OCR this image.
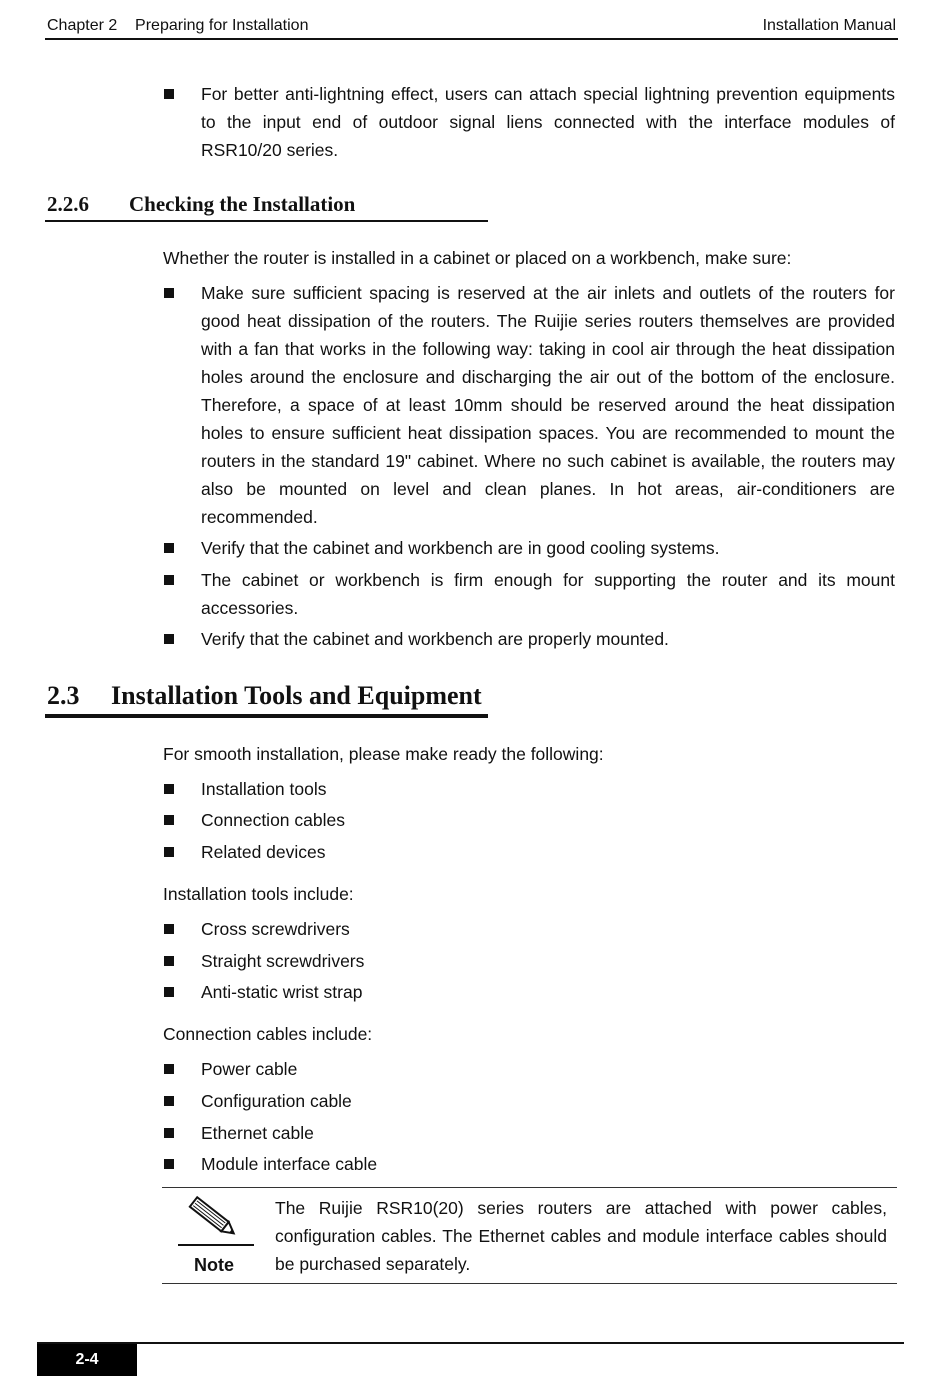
Chapter 2    Preparing for Installation	Installation Manual
For better anti-lightning effect, users can attach special lightning prevention equipments to the input end of outdoor signal liens connected with the interface modules of RSR10/20 series.
2.2.6 Checking the Installation
Whether the router is installed in a cabinet or placed on a workbench, make sure:
Make sure sufficient spacing is reserved at the air inlets and outlets of the routers for good heat dissipation of the routers. The Ruijie series routers themselves are provided with a fan that works in the following way: taking in cool air through the heat dissipation holes around the enclosure and discharging the air out of the bottom of the enclosure. Therefore, a space of at least 10mm should be reserved around the heat dissipation holes to ensure sufficient heat dissipation spaces. You are recommended to mount the routers in the standard 19" cabinet. Where no such cabinet is available, the routers may also be mounted on level and clean planes. In hot areas, air-conditioners are recommended.
Verify that the cabinet and workbench are in good cooling systems.
The cabinet or workbench is firm enough for supporting the router and its mount accessories.
Verify that the cabinet and workbench are properly mounted.
2.3 Installation Tools and Equipment
For smooth installation, please make ready the following:
Installation tools
Connection cables
Related devices
Installation tools include:
Cross screwdrivers
Straight screwdrivers
Anti-static wrist strap
Connection cables include:
Power cable
Configuration cable
Ethernet cable
Module interface cable
Note
The Ruijie RSR10(20) series routers are attached with power cables, configuration cables. The Ethernet cables and module interface cables should be purchased separately.
2-4
